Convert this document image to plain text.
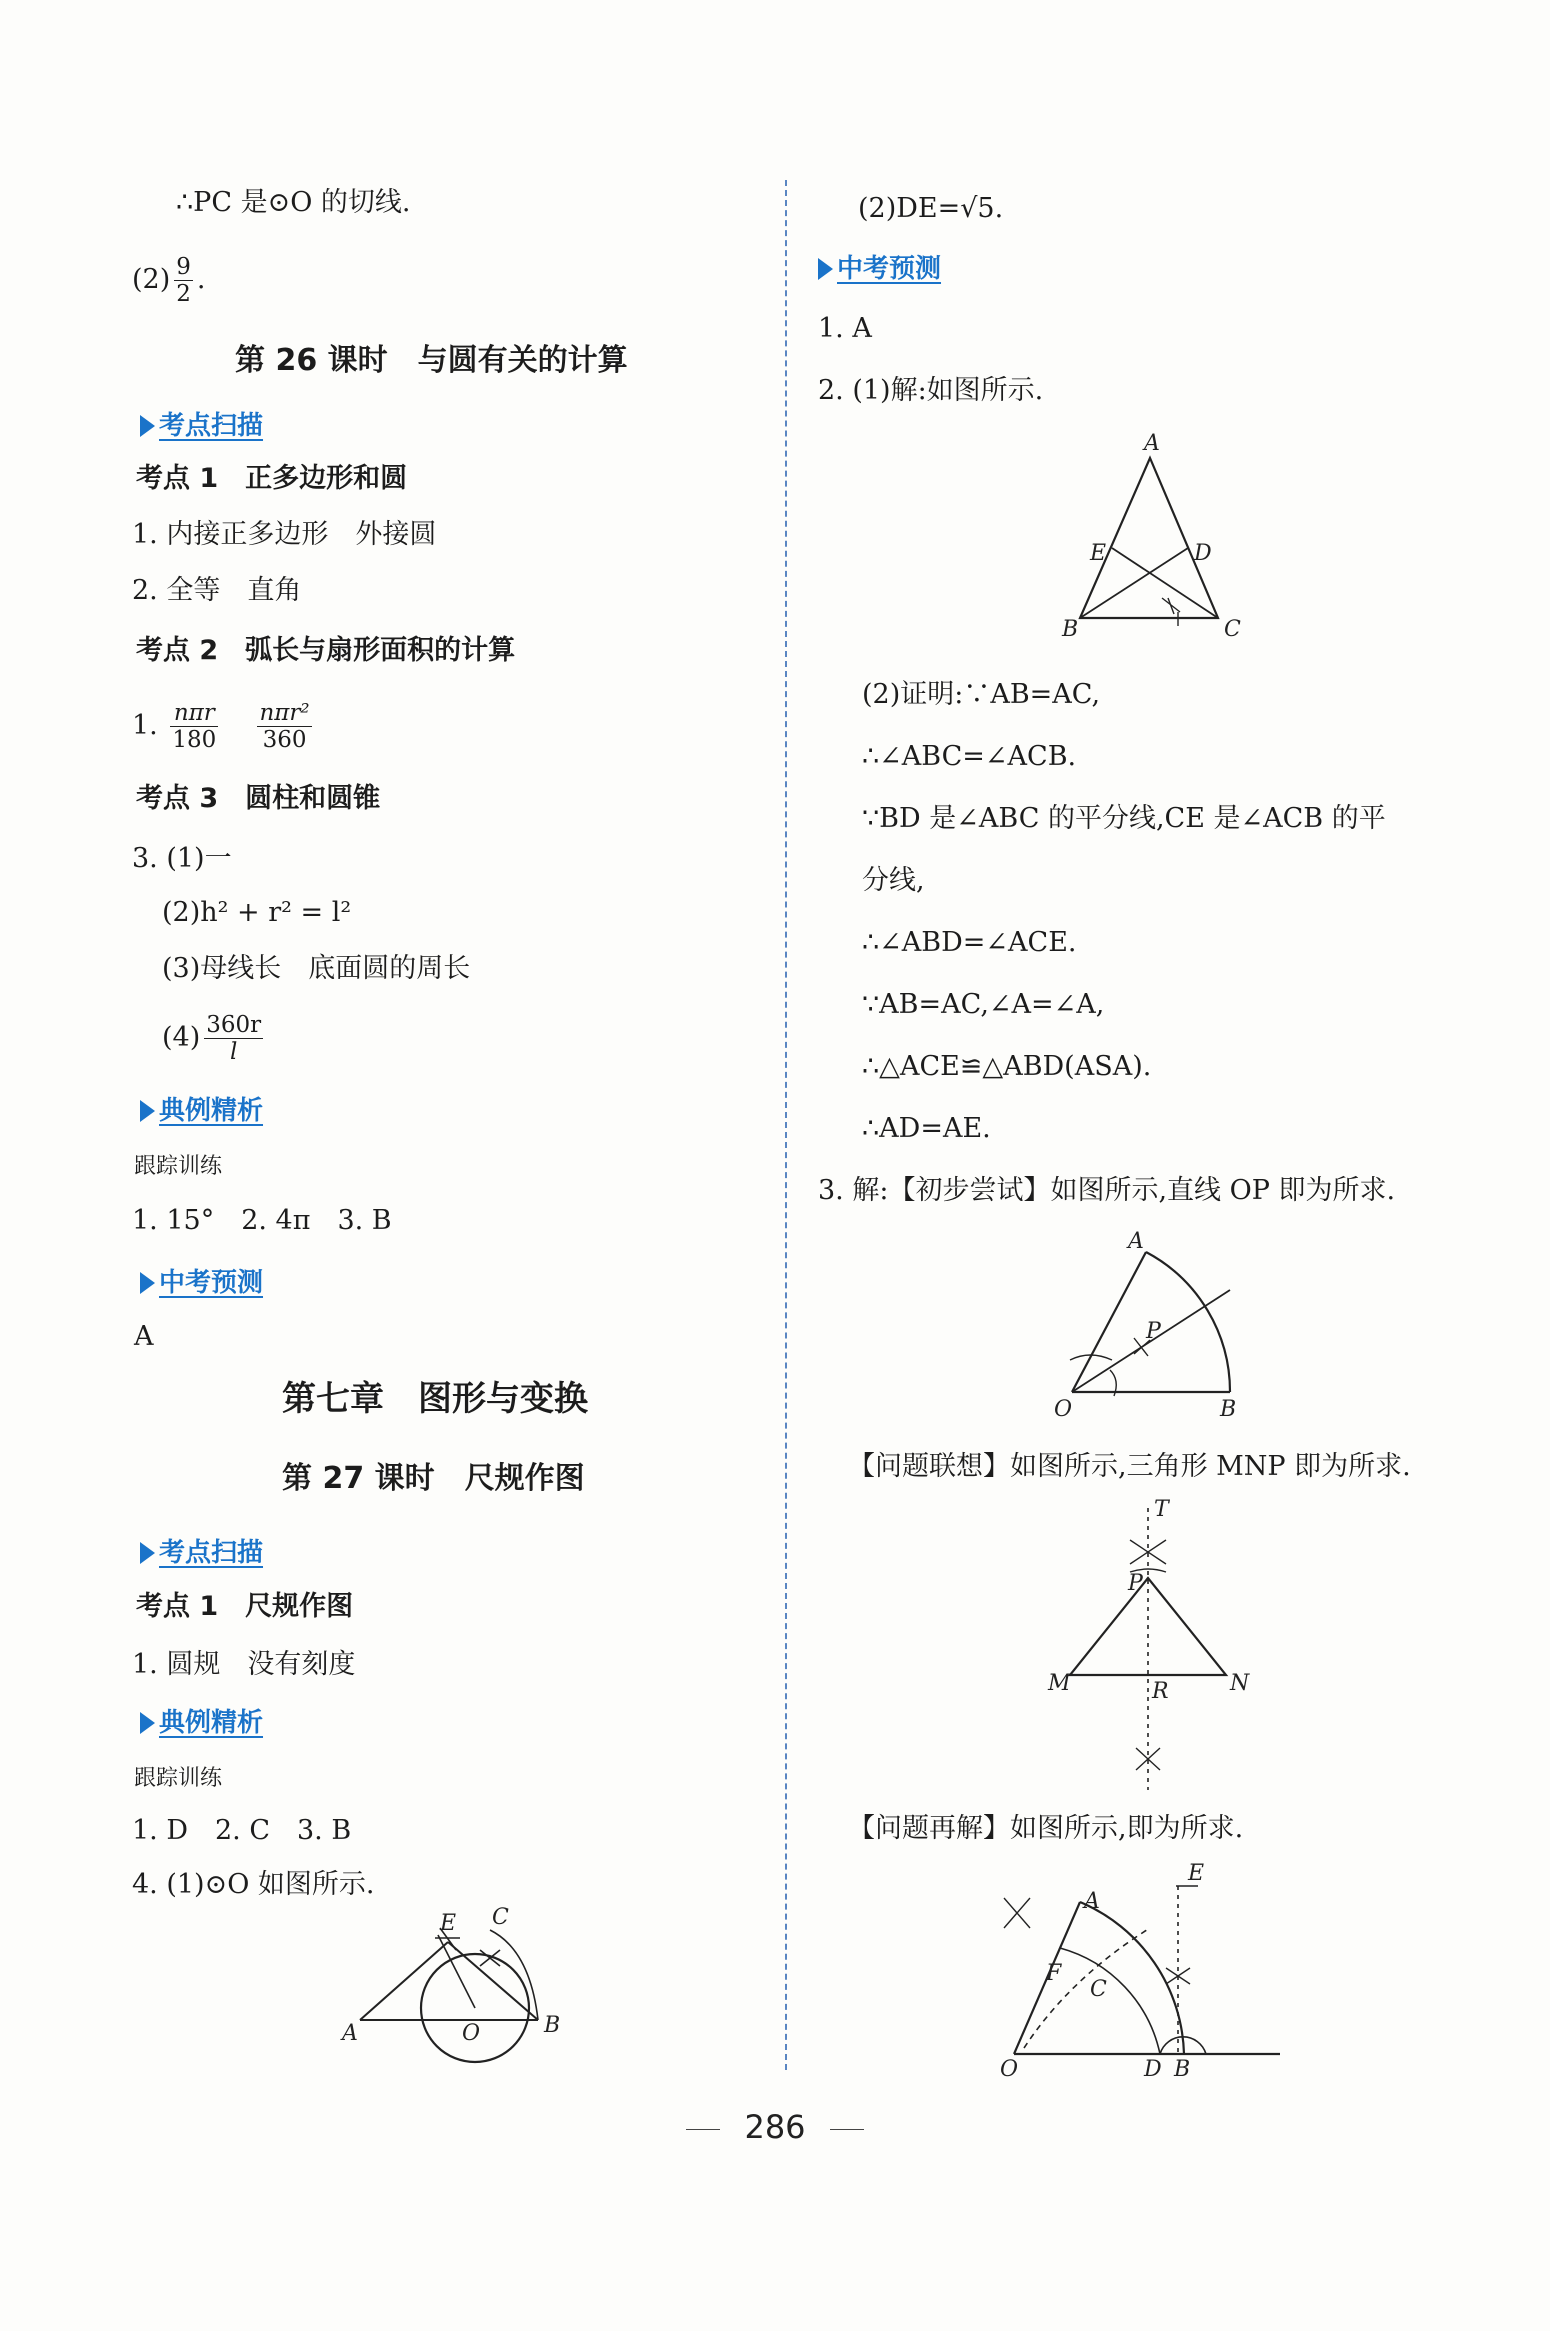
∴PC 是⊙O 的切线.
$(2) \frac{9}{2}$ .
第 26 课时　与圆有关的计算
考点扫描
考点 1　正多边形和圆
1. 内接正多边形　外接圆
2. 全等　直角
考点 2　弧长与扇形面积的计算
1. $\frac{\text{nπr}}{180}$
$\frac{\text{nπr²}}{360}$
考点 3　圆柱和圆锥
3. (1)一
(2)h² + r² = l²
(3)母线长　底面圆的周长
$(4) \frac{360r}{l}$
典例精析
跟踪训练
1. 15°　2. 4π　3. B
中考预测
A
第七章　图形与变换
第 27 课时　尺规作图
考点扫描
考点 1　尺规作图
1. 圆规　没有刻度
典例精析
跟踪训练
1. D　2. C　3. B
4. (1)⊙O 如图所示.
A	O	B
E C
(2)DE=√5.
中考预测
1. A
2. (1)解:如图所示.
A
B	C
D
E
(2)证明:∵AB=AC,
∴∠ABC=∠ACB.
∵BD 是∠ABC 的平分线,CE 是∠ACB 的平
分线,
∴∠ABD=∠ACE.
∵AB=AC,∠A=∠A,
∴△ACE≌△ABD(ASA).
∴AD=AE.
3. 解:【初步尝试】如图所示,直线 OP 即为所求.
A
P
O	B
【问题联想】如图所示,三角形 MNP 即为所求.
T
P
M	R	N
【问题再解】如图所示,即为所求.
E
A
F
C
O	D B
286
